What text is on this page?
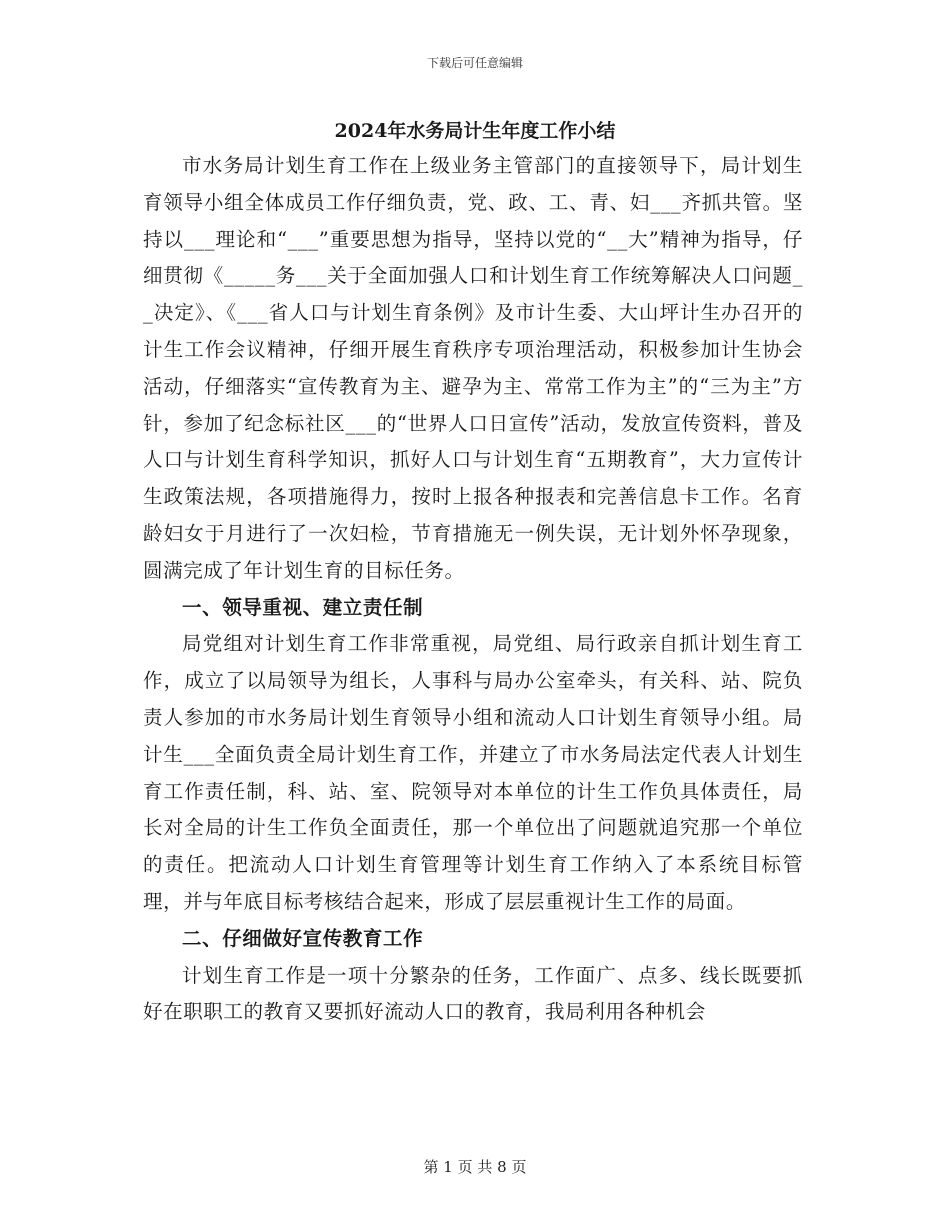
下载后可任意编辑
2024年水务局计生年度工作小结

市水务局计划生育工作在上级业务主管部门的直接领导下，局计划生育领导小组全体成员工作仔细负责，党、政、工、青、妇___齐抓共管。坚持以___理论和“___”重要思想为指导，坚持以党的“__大”精神为指导，仔细贯彻《_____务___关于全面加强人口和计划生育工作统筹解决人口问题__决定》、《___省人口与计划生育条例》及市计生委、大山坪计生办召开的计生工作会议精神，仔细开展生育秩序专项治理活动，积极参加计生协会活动，仔细落实“宣传教育为主、避孕为主、常常工作为主”的“三为主”方针，参加了纪念标社区___的“世界人口日宣传”活动，发放宣传资料，普及人口与计划生育科学知识，抓好人口与计划生育“五期教育”，大力宣传计生政策法规，各项措施得力，按时上报各种报表和完善信息卡工作。名育龄妇女于月进行了一次妇检，节育措施无一例失误，无计划外怀孕现象，圆满完成了年计划生育的目标任务。

一、领导重视、建立责任制

局党组对计划生育工作非常重视，局党组、局行政亲自抓计划生育工作，成立了以局领导为组长，人事科与局办公室牵头，有关科、站、院负责人参加的市水务局计划生育领导小组和流动人口计划生育领导小组。局计生___全面负责全局计划生育工作，并建立了市水务局法定代表人计划生育工作责任制，科、站、室、院领导对本单位的计生工作负具体责任，局长对全局的计生工作负全面责任，那一个单位出了问题就追究那一个单位的责任。把流动人口计划生育管理等计划生育工作纳入了本系统目标管理，并与年底目标考核结合起来，形成了层层重视计生工作的局面。

二、仔细做好宣传教育工作

计划生育工作是一项十分繁杂的任务，工作面广、点多、线长既要抓好在职职工的教育又要抓好流动人口的教育，我局利用各种机会

第 1 页 共 8 页
